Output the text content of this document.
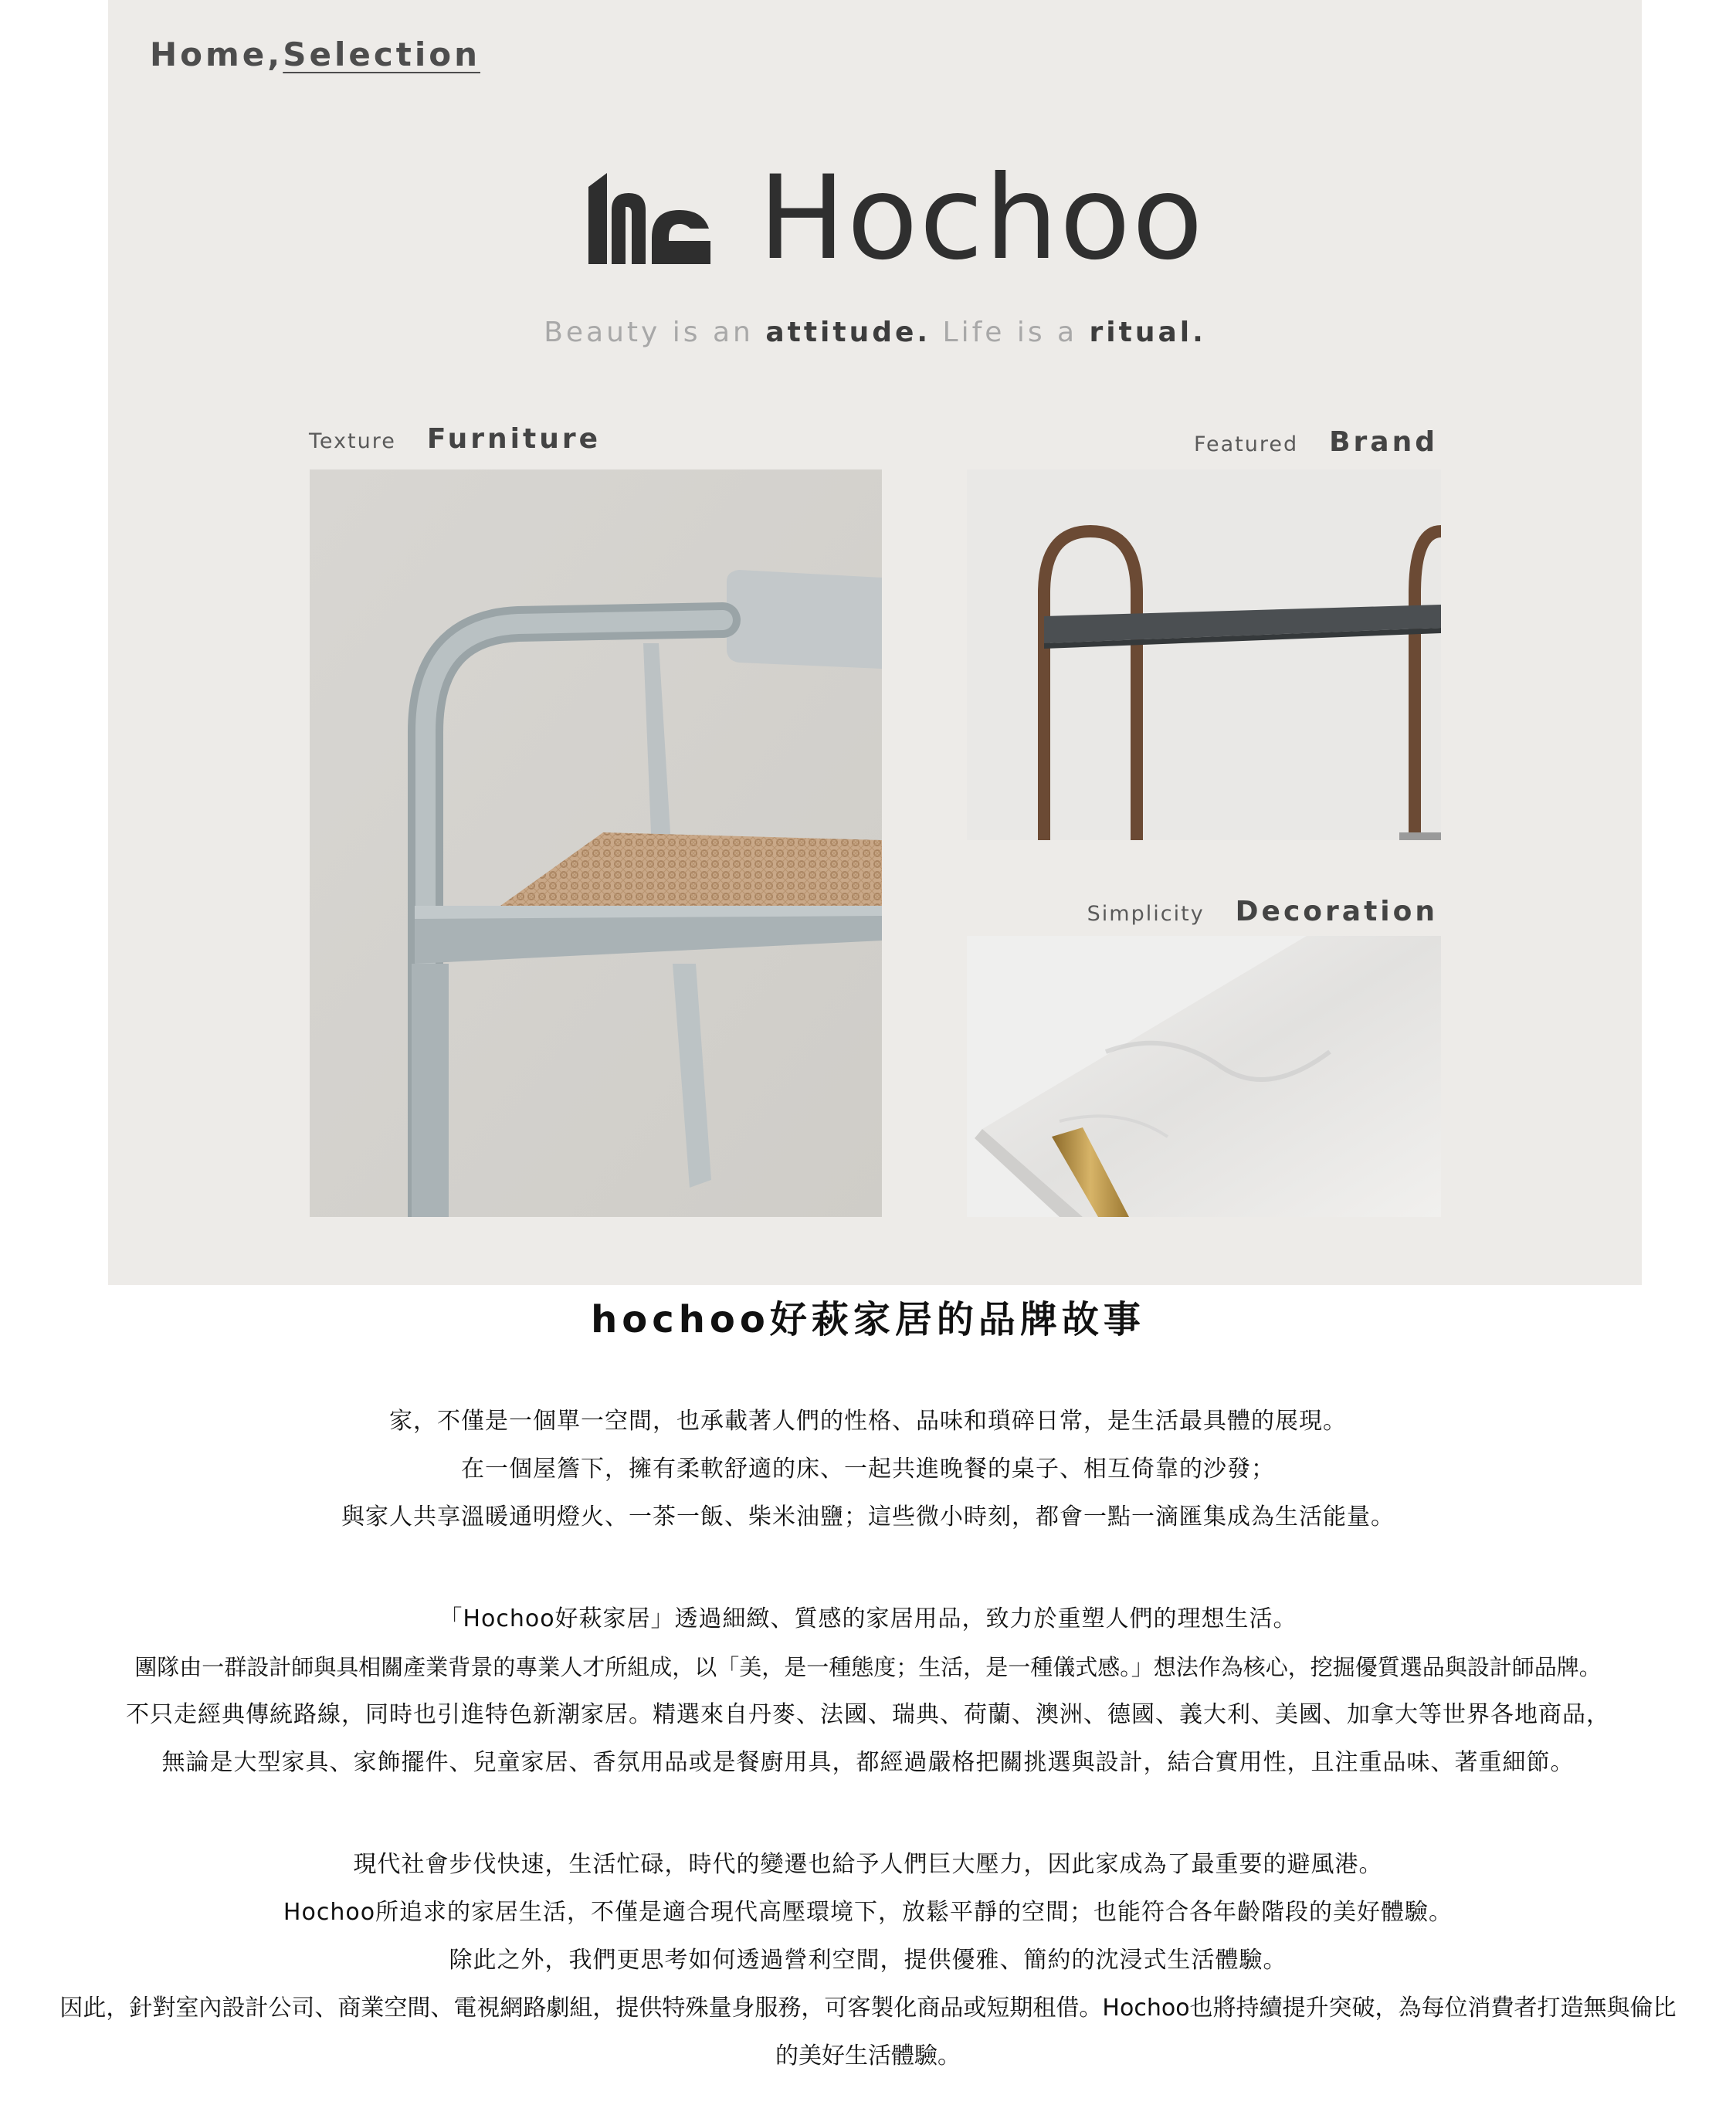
Home,Selection
Hochoo
Beauty is an attitude. Life is a ritual.
Texture Furniture	Featured Brand
Simplicity Decoration
hochoo好萩家居的品牌故事
家，不僅是一個單一空間，也承載著人們的性格、品味和瑣碎日常，是生活最具體的展現。
在一個屋簷下，擁有柔軟舒適的床、一起共進晚餐的桌子、相互倚靠的沙發；
與家人共享溫暖通明燈火、一茶一飯、柴米油鹽；這些微小時刻，都會一點一滴匯集成為生活能量。
「Hochoo好萩家居」透過細緻、質感的家居用品，致力於重塑人們的理想生活。
團隊由一群設計師與具相關產業背景的專業人才所組成，以「美，是一種態度；生活，是一種儀式感。」想法作為核心，挖掘優質選品與設計師品牌。
不只走經典傳統路線，同時也引進特色新潮家居。精選來自丹麥、法國、瑞典、荷蘭、澳洲、德國、義大利、美國、加拿大等世界各地商品，
無論是大型家具、家飾擺件、兒童家居、香氛用品或是餐廚用具，都經過嚴格把關挑選與設計，結合實用性，且注重品味、著重細節。
現代社會步伐快速，生活忙碌，時代的變遷也給予人們巨大壓力，因此家成為了最重要的避風港。
Hochoo所追求的家居生活，不僅是適合現代高壓環境下，放鬆平靜的空間；也能符合各年齡階段的美好體驗。
除此之外，我們更思考如何透過營利空間，提供優雅、簡約的沈浸式生活體驗。
因此，針對室內設計公司、商業空間、電視網路劇組，提供特殊量身服務，可客製化商品或短期租借。Hochoo也將持續提升突破，為每位消費者打造無與倫比的美好生活體驗。
